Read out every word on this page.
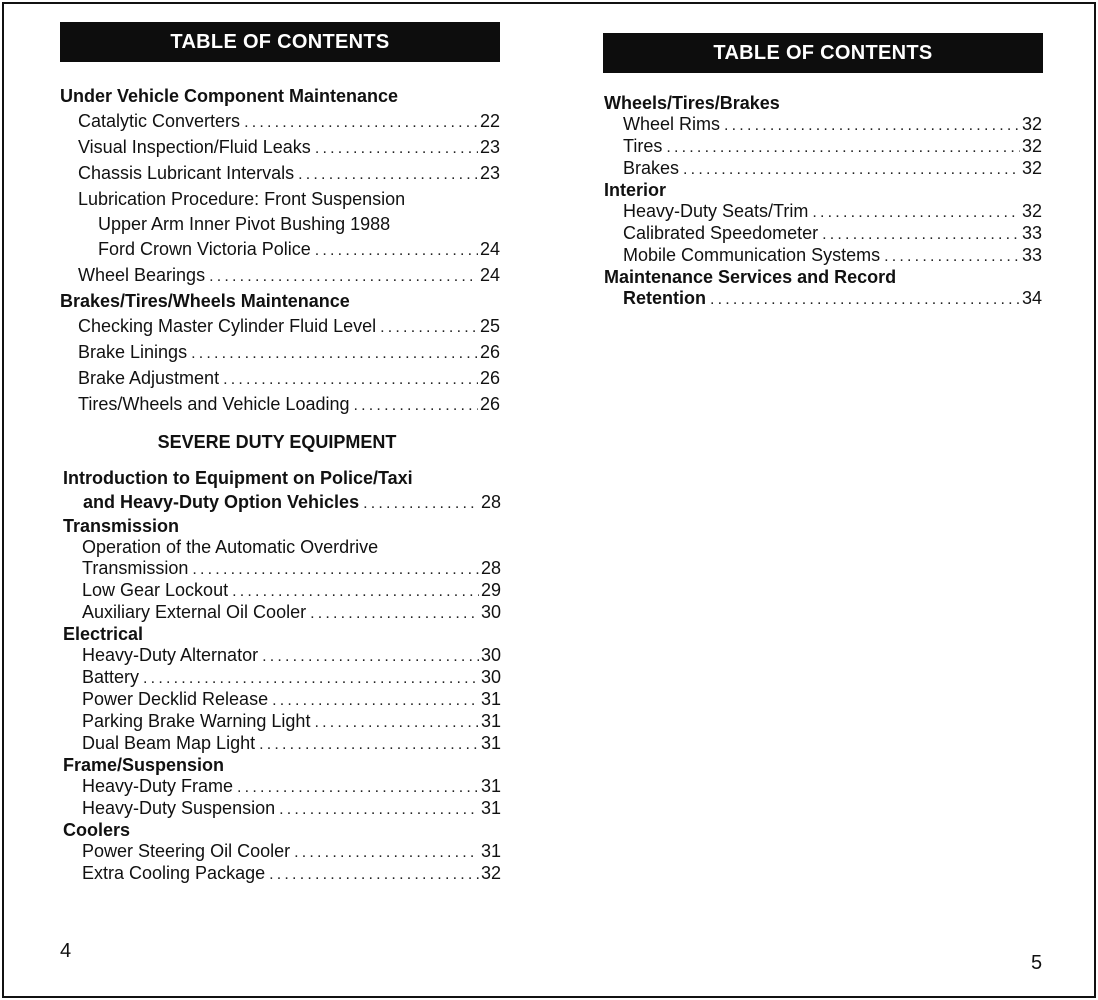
TABLE OF CONTENTS
Under Vehicle Component Maintenance
Catalytic Converters .....	22
Visual Inspection/Fluid Leaks .....	23
Chassis Lubricant Intervals .....	23
Lubrication Procedure: Front Suspension
Upper Arm Inner Pivot Bushing 1988
Ford Crown Victoria Police .....	24
Wheel Bearings .....	24
Brakes/Tires/Wheels Maintenance
Checking Master Cylinder Fluid Level .....	25
Brake Linings .....	26
Brake Adjustment .....	26
Tires/Wheels and Vehicle Loading .....	26
SEVERE DUTY EQUIPMENT
Introduction to Equipment on Police/Taxi
and Heavy-Duty Option Vehicles .....	28
Transmission
Operation of the Automatic Overdrive
Transmission .....	28
Low Gear Lockout .....	29
Auxiliary External Oil Cooler .....	30
Electrical
Heavy-Duty Alternator .....	30
Battery .....	30
Power Decklid Release .....	31
Parking Brake Warning Light .....	31
Dual Beam Map Light .....	31
Frame/Suspension
Heavy-Duty Frame .....	31
Heavy-Duty Suspension .....	31
Coolers
Power Steering Oil Cooler .....	31
Extra Cooling Package .....	32
4
TABLE OF CONTENTS
Wheels/Tires/Brakes
Wheel Rims .....	32
Tires .....	32
Brakes .....	32
Interior
Heavy-Duty Seats/Trim .....	32
Calibrated Speedometer .....	33
Mobile Communication Systems .....	33
Maintenance Services and Record
Retention .....	34
5
